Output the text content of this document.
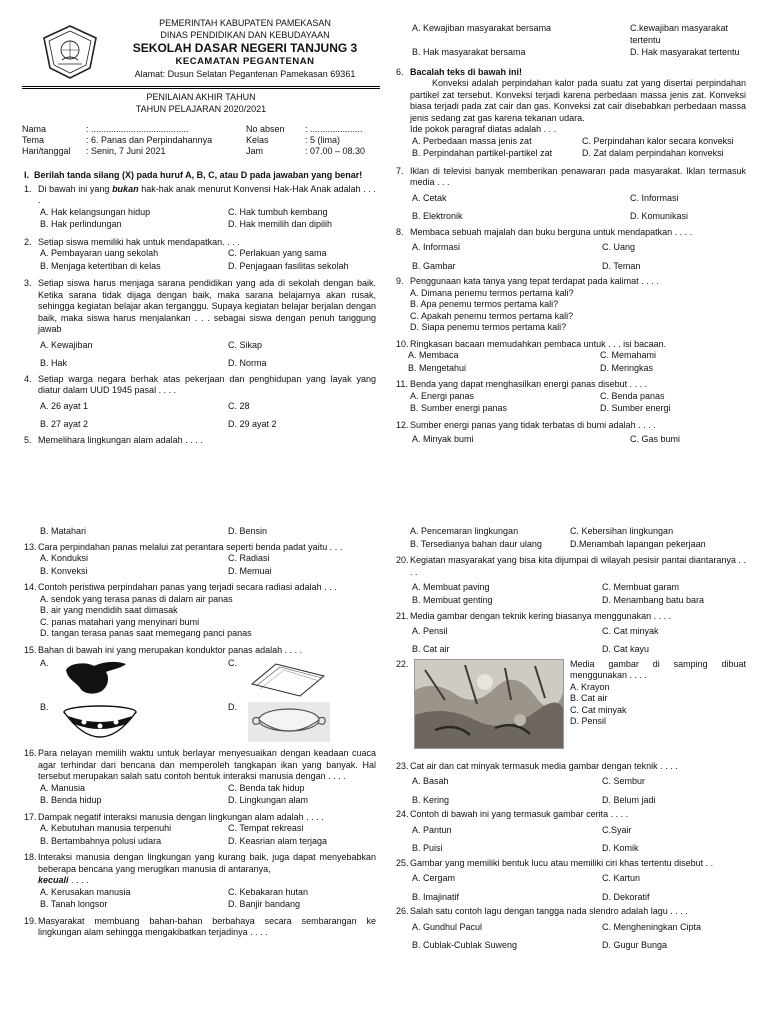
PEMERINTAH KABUPATEN PAMEKASAN
DINAS PENDIDIKAN DAN KEBUDAYAAN
SEKOLAH DASAR NEGERI TANJUNG 3
KECAMATAN PEGANTENAN
Alamat: Dusun Selatan Pegantenan Pamekasan 69361
PENILAIAN AKHIR TAHUN
TAHUN PELAJARAN 2020/2021
Nama	: .......................................	No absen : .....................
Tema	: 6. Panas dan Perpindahannya	Kelas	: 5 (lima)
Hari/tanggal : Senin, 7 Juni 2021	Jam	: 07.00 – 08.30
I. Berilah tanda silang (X) pada huruf A, B, C, atau D pada jawaban yang benar!
1. Di bawah ini yang bukan hak-hak anak menurut Konvensi Hak-Hak Anak adalah . . . .
A. Hak kelangsungan hidup	C. Hak tumbuh kembang
B. Hak perlindungan	D. Hak memilih dan dipilih
2. Setiap siswa memiliki hak untuk mendapatkan. . . .
A. Pembayaran uang sekolah	C. Perlakuan yang sama
B. Menjaga ketertiban di kelas	D. Penjagaan fasilitas sekolah
3. Setiap siswa harus menjaga sarana pendidikan yang ada di sekolah dengan baik. Ketika sarana tidak dijaga dengan baik, maka sarana belajarnya akan rusak, sehingga kegiatan belajar akan terganggu. Supaya kegiatan belajar berjalan dengan baik, maka siswa harus menjalankan . . . sebagai siswa dengan penuh tanggung jawab
A. Kewajiban	C. Sikap
B. Hak	D. Norma
4. Setiap warga negara berhak atas pekerjaan dan penghidupan yang layak yang diatur dalam UUD 1945 pasal . . . .
A. 26 ayat 1	C. 28
B. 27 ayat 2	D. 29 ayat 2
5. Memelihara lingkungan alam adalah . . . .
A. Kewajiban masyarakat bersama	C.kewajiban masyarakat tertentu
B. Hak masyarakat bersama	D. Hak masyarakat tertentu
6. Bacalah teks di bawah ini!
Konveksi adalah perpindahan kalor pada suatu zat yang disertai perpindahan partikel zat tersebut. Konveksi terjadi karena perbedaan massa jenis zat. Konveksi biasa terjadi pada zat cair dan gas. Konveksi zat cair disebabkan perbedaan massa jenis sedang zat gas karena tekanan udara.
Ide pokok paragraf diatas adalah . . .
A. Perbedaan massa jenis zat	C. Perpindahan kalor secara konveksi
B. Perpindahan partikel-partikel zat	D. Zat dalam perpindahan konveksi
7. Iklan di televisi banyak memberikan penawaran pada masyarakat. Iklan termasuk media . . .
A. Cetak	C. Informasi
B. Elektronik	D. Komunikasi
8. Membaca sebuah majalah dan buku berguna untuk mendapatkan . . . .
A. Informasi	C. Uang
B. Gambar	D. Teman
9. Penggunaan kata tanya yang tepat terdapat pada kalimat . . . .
A. Dimana penemu termos pertama kali?
B. Apa penemu termos pertama kali?
C. Apakah penemu termos pertama kali?
D. Siapa penemu termos pertama kali?
10. Ringkasan bacaan memudahkan pembaca untuk . . . isi bacaan.
A. Membaca	C. Memahami
B. Mengetahui	D. Meringkas
11. Benda yang dapat menghasilkan energi panas disebut . . . .
A. Energi panas	C. Benda panas
B. Sumber energi panas	D. Sumber energi
12. Sumber energi panas yang tidak terbatas di bumi adalah . . . .
A. Minyak bumi	C. Gas bumi
B. Matahari	D. Bensin
13. Cara perpindahan panas melalui zat perantara seperti benda padat yaitu . . .
A. Konduksi	C. Radiasi
B. Konveksi	D. Memuai
14. Contoh peristiwa perpindahan panas yang terjadi secara radiasi adalah . . .
A. sendok yang terasa panas di dalam air panas
B. air yang mendidih saat dimasak
C. panas matahari yang menyinari bumi
D. tangan terasa panas saat memegang panci panas
15. Bahan di bawah ini yang merupakan konduktor panas adalah . . . .
A.	C.
B.	D.
16. Para nelayan memilih waktu untuk berlayar menyesuaikan dengan keadaan cuaca agar terhindar dari bencana dan memperoleh tangkapan ikan yang banyak. Hal tersebut merupakan salah satu contoh bentuk interaksi manusia dengan . . . .
A. Manusia	C. Benda tak hidup
B. Benda hidup	D. Lingkungan alam
17. Dampak negatif interaksi manusia dengan lingkungan alam adalah . . . .
A. Kebutuhan manusia terpenuhi	C. Tempat rekreasi
B. Bertambahnya polusi udara	D. Keasrian alam terjaga
18. Interaksi manusia dengan lingkungan yang kurang baik, juga dapat menyebabkan beberapa bencana yang merugikan manusia di antaranya,
kecuali . . . .
A. Kerusakan manusia	C. Kebakaran hutan
B. Tanah longsor	D. Banjir bandang
19. Masyarakat membuang bahan-bahan berbahaya secara sembarangan ke lingkungan alam sehingga mengakibatkan terjadinya . . . .
A. Pencemaran lingkungan	C. Kebersihan lingkungan
B. Tersedianya bahan daur ulang	D.Menambah lapangan pekerjaan
20. Kegiatan masyarakat yang bisa kita dijumpai di wilayah pesisir pantai diantaranya . . . .
A. Membuat paving	C. Membuat garam
B. Membuat genting	D. Menambang batu bara
21. Media gambar dengan teknik kering biasanya menggunakan . . . .
A. Pensil	C. Cat minyak
B. Cat air	D. Cat kayu
22.	Media gambar di samping dibuat menggunakan . . . .
A. Krayon
B. Cat air
C. Cat minyak
D. Pensil
23. Cat air dan cat minyak termasuk media gambar dengan teknik . . . .
A. Basah	C. Sembur
B. Kering	D. Belum jadi
24. Contoh di bawah ini yang termasuk gambar cerita . . . .
A. Pantun	C.Syair
B. Puisi	D. Komik
25. Gambar yang memiliki bentuk lucu atau memiliki ciri khas tertentu disebut . .
A. Cergam	C. Kartun
B. Imajinatif	D. Dekoratif
26. Salah satu contoh lagu dengan tangga nada slendro adalah lagu . . . .
A. Gundhul Pacul	C. Mengheningkan Cipta
B. Cublak-Cublak Suweng	D. Gugur Bunga
